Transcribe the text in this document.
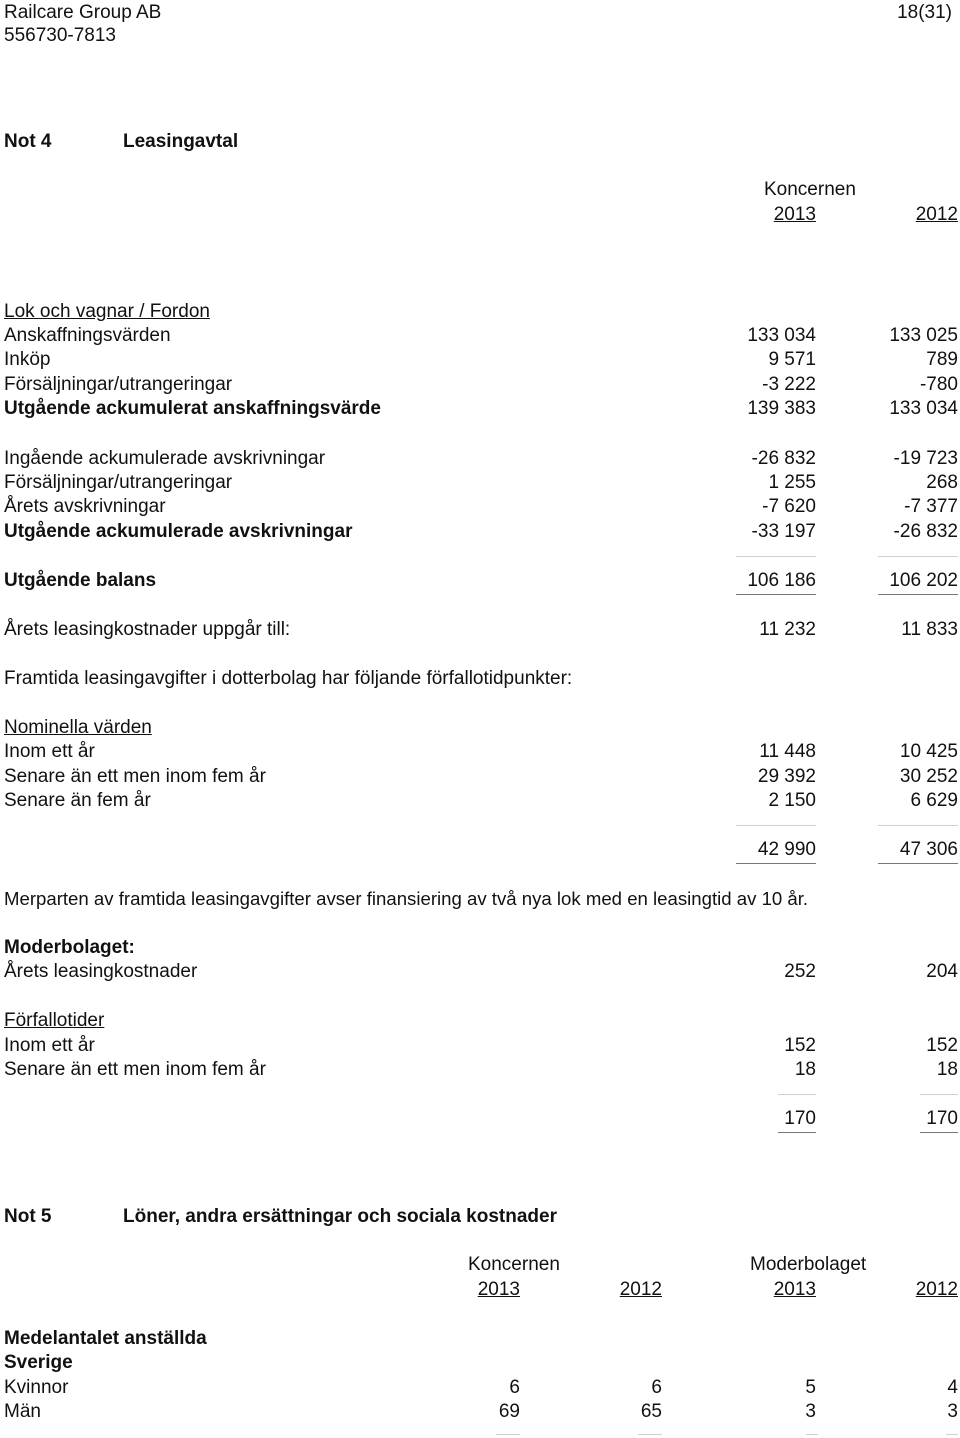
Railcare Group AB
556730-7813
18(31)
Not 4	Leasingavtal
Koncernen
2013	2012
Lok och vagnar / Fordon
Anskaffningsvärden	133 034	133 025
Inköp	9 571	789
Försäljningar/utrangeringar	-3 222	-780
Utgående ackumulerat anskaffningsvärde	139 383	133 034
Ingående ackumulerade avskrivningar	-26 832	-19 723
Försäljningar/utrangeringar	1 255	268
Årets avskrivningar	-7 620	-7 377
Utgående ackumulerade avskrivningar	-33 197	-26 832
Utgående balans	106 186	106 202
Årets leasingkostnader uppgår till:	11 232	11 833
Framtida leasingavgifter i dotterbolag har följande förfallotidpunkter:
Nominella värden
Inom ett år	11 448	10 425
Senare än ett men inom fem år	29 392	30 252
Senare än fem år	2 150	6 629
42 990	47 306
Merparten av framtida leasingavgifter avser finansiering av två nya lok med en leasingtid av 10 år.
Moderbolaget:
Årets leasingkostnader	252	204
Förfallotider
Inom ett år	152	152
Senare än ett men inom fem år	18	18
170	170
Not 5	Löner, andra ersättningar och sociala kostnader
Koncernen	Moderbolaget
2013	2012	2013	2012
Medelantalet anställda
Sverige
Kvinnor	6	6	5	4
Män	69	65	3	3
